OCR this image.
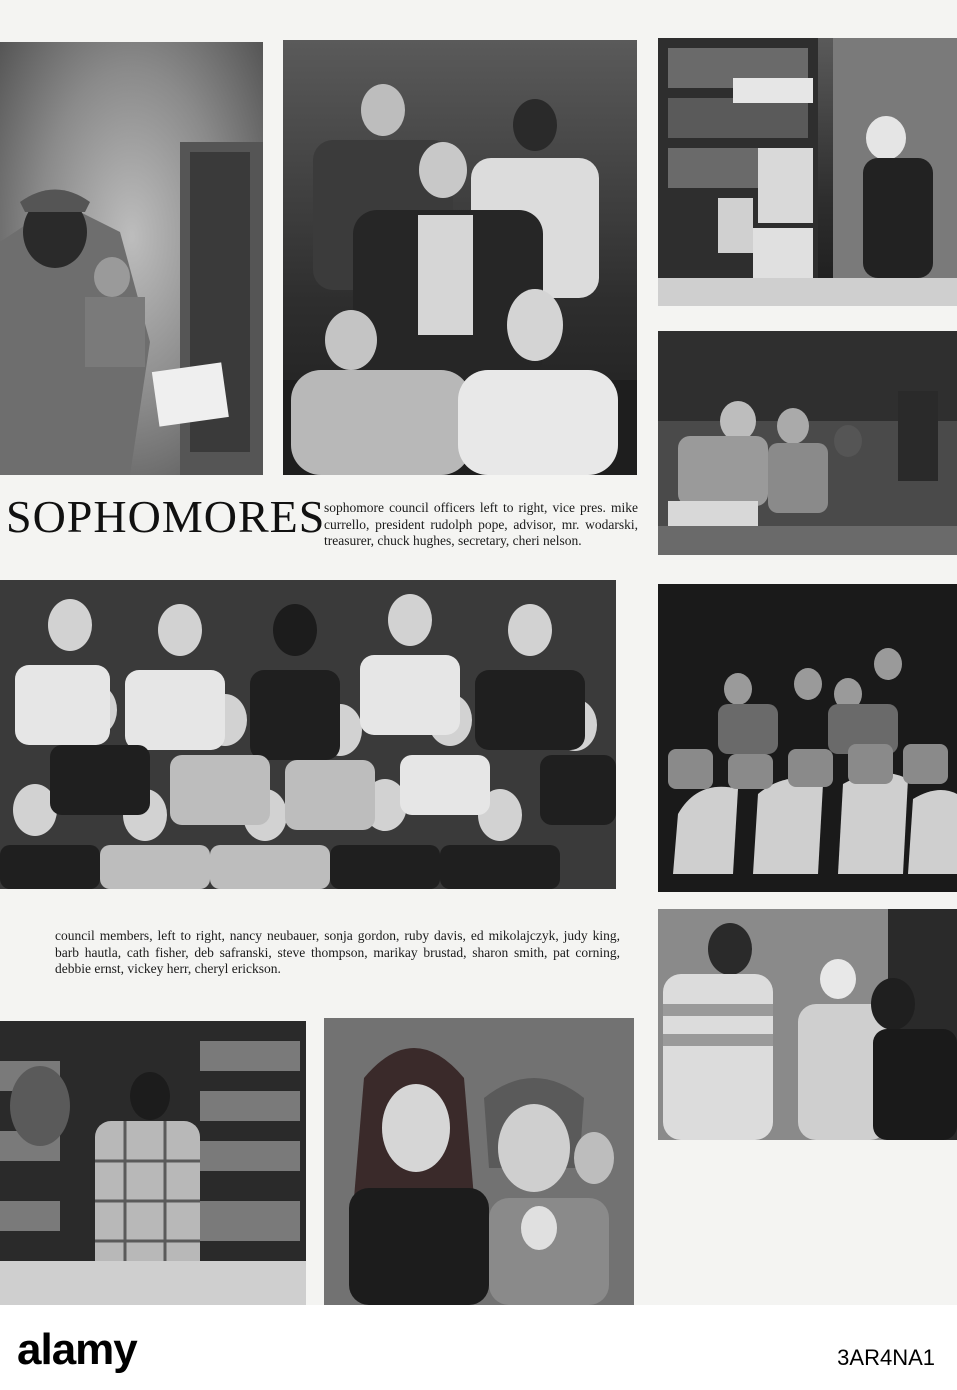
SOPHOMORES
sophomore council officers left to right, vice pres. mike currello, president rudolph pope, advisor, mr. wodarski, treasurer, chuck hughes, secretary, cheri nelson.
council members, left to right, nancy neubauer, sonja gordon, ruby davis, ed mikolajczyk, judy king, barb hautla, cath fisher, deb safranski, steve thompson, marikay brustad, sharon smith, pat corning, debbie ernst, vickey herr, cheryl erickson.
alamy	3AR4NA1
